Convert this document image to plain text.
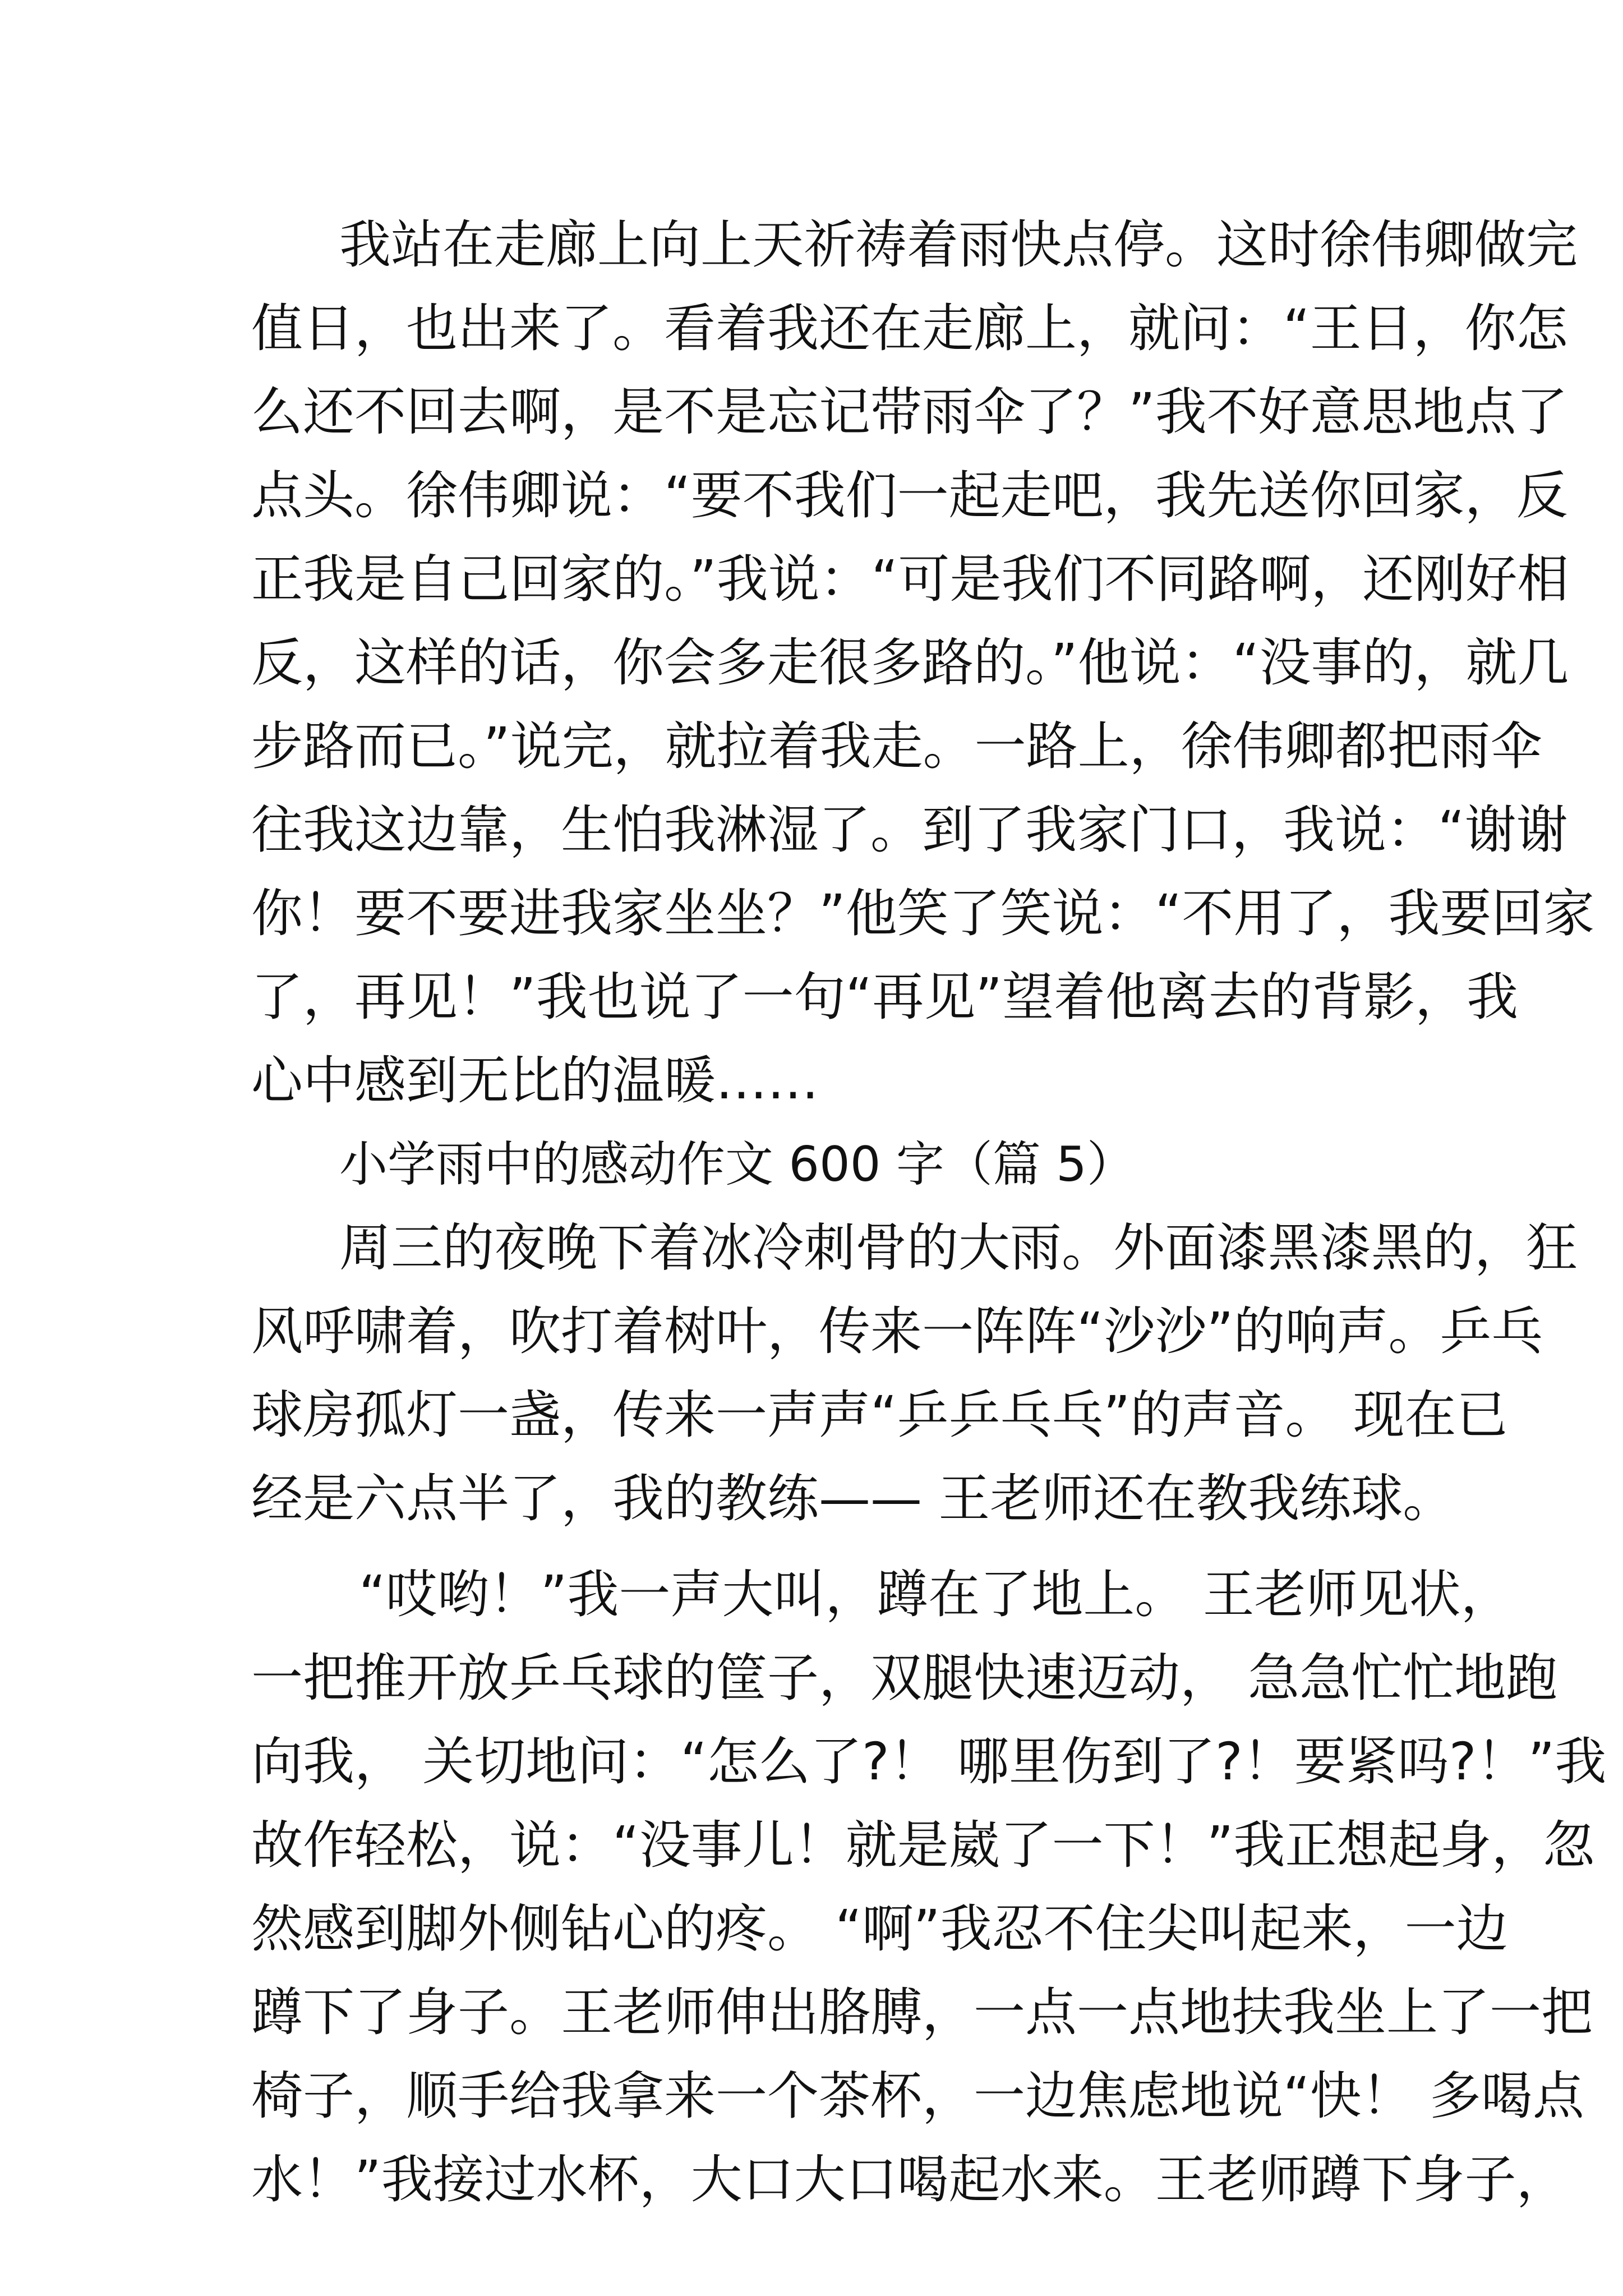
我站在走廊上向上天祈祷着雨快点停。这时徐伟卿做完

值日，也出来了。看着我还在走廊上，就问：“王日，你怎

么还不回去啊，是不是忘记带雨伞了？”我不好意思地点了

点头。徐伟卿说：“要不我们一起走吧，我先送你回家，反

正我是自己回家的。”我说：“可是我们不同路啊，还刚好相

反，这样的话，你会多走很多路的。”他说：“没事的，就几

步路而已。”说完，就拉着我走。一路上，徐伟卿都把雨伞

往我这边靠，生怕我淋湿了。到了我家门口，我说：“谢谢

你！要不要进我家坐坐？”他笑了笑说：“不用了，我要回家

了，再见！”我也说了一句“再见”望着他离去的背影，我

心中感到无比的温暖……

小学雨中的感动作文 600 字（篇 5）

周三的夜晚下着冰冷刺骨的大雨。外面漆黑漆黑的，狂

风呼啸着，吹打着树叶，传来一阵阵“沙沙”的响声。乒乓

球房孤灯一盏，传来一声声“乒乒乓乓”的声音。 现在已

经是六点半了，我的教练—— 王老师还在教我练球。

“哎哟！”我一声大叫，蹲在了地上。 王老师见状，

一把推开放乒乓球的筐子，双腿快速迈动， 急急忙忙地跑

向我， 关切地问：“怎么了?！ 哪里伤到了?！要紧吗?！”我

故作轻松，说：“没事儿！就是崴了一下！”我正想起身，忽

然感到脚外侧钻心的疼。 “啊”我忍不住尖叫起来，一边

蹲下了身子。王老师伸出胳膊，一点一点地扶我坐上了一把

椅子，顺手给我拿来一个茶杯，一边焦虑地说“快！ 多喝点

水！”我接过水杯，大口大口喝起水来。王老师蹲下身子，
